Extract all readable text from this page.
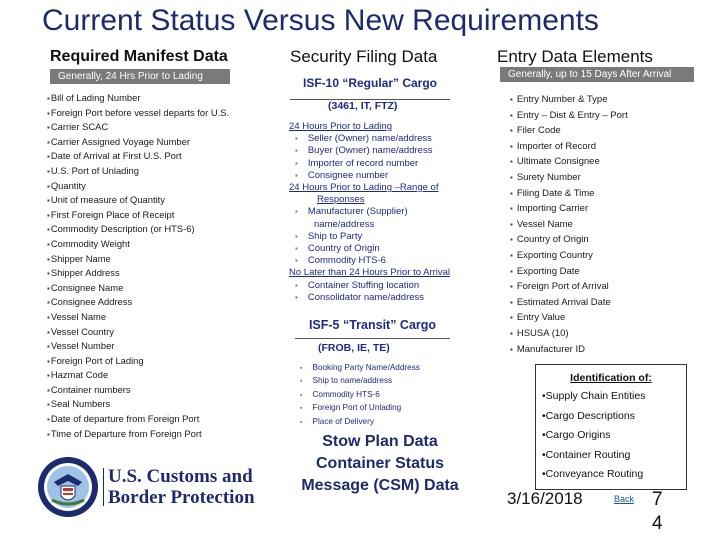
Current Status Versus New Requirements
Required Manifest Data
Generally, 24 Hrs Prior to Lading
▪ Bill of Lading Number
▪ Foreign Port before vessel departs for U.S.
▪ Carrier SCAC
▪ Carrier Assigned Voyage Number
▪ Date of Arrival at First U.S. Port
▪ U.S. Port of Unlading
▪ Quantity
▪ Unit of measure of Quantity
▪ First Foreign Place of Receipt
▪ Commodity Description (or HTS-6)
▪ Commodity Weight
▪ Shipper Name
▪ Shipper Address
▪ Consignee Name
▪ Consignee Address
▪ Vessel Name
▪ Vessel Country
▪ Vessel Number
▪ Foreign Port of Lading
▪ Hazmat Code
▪ Container numbers
▪ Seal Numbers
▪ Date of departure from Foreign Port
▪ Time of Departure from Foreign Port
Security Filing Data
ISF-10 “Regular” Cargo
(3461, IT, FTZ)
24 Hours Prior to Lading
▪ Seller (Owner) name/address
▪ Buyer (Owner) name/address
▪ Importer of record number
▪ Consignee number
24 Hours Prior to Lading –Range of
Responses
▪ Manufacturer (Supplier)
name/address
▪ Ship to Party
▪ Country of Origin
▪ Commodity HTS-6
No Later than 24 Hours Prior to Arrival
▪ Container Stuffing location
▪ Consolidator name/address
ISF-5 “Transit” Cargo
(FROB, IE, TE)
▪ Booking Party Name/Address
▪ Ship to name/address
▪ Commodity HTS-6
▪ Foreign Port of Unlading
▪ Place of Delivery
Stow Plan Data
Container Status
Message (CSM) Data
Entry Data Elements
Generally, up to 15 Days After Arrival
▪ Entry Number & Type
▪ Entry – Dist & Entry – Port
▪ Filer Code
▪ Importer of Record
▪ Ultimate Consignee
▪ Surety Number
▪ Filing Date & Time
▪ Importing Carrier
▪ Vessel Name
▪ Country of Origin
▪ Exporting Country
▪ Exporting Date
▪ Foreign Port of Arrival
▪ Estimated Arrival Date
▪ Entry Value
▪ HSUSA (10)
▪ Manufacturer ID
Identification of:
•Supply Chain Entities
•Cargo Descriptions
•Cargo Origins
•Container Routing
•Conveyance Routing
U.S. Customs and
Border Protection	3/16/2018	Back 7
4
